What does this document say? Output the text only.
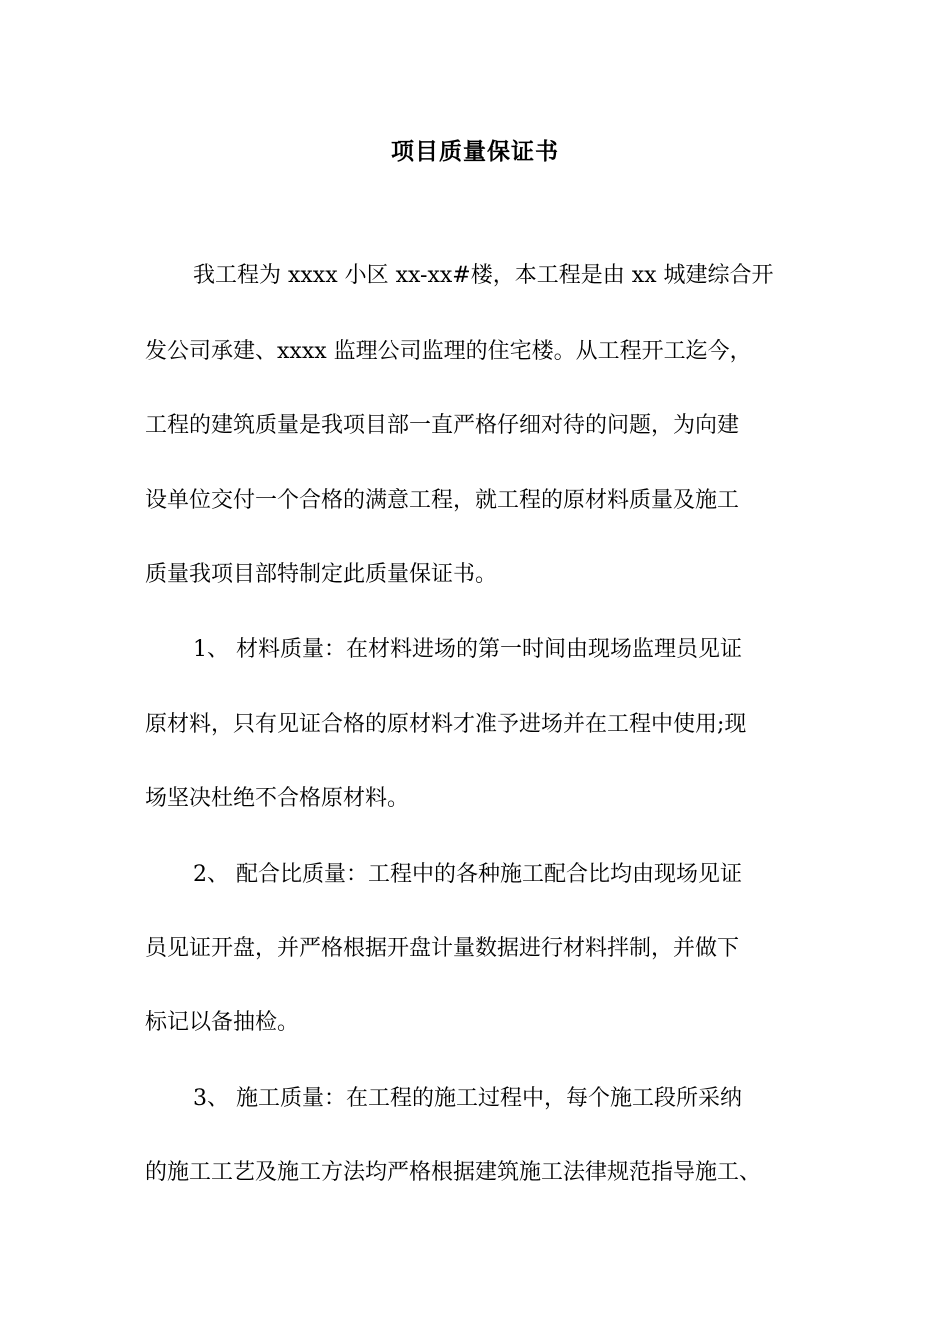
项目质量保证书
我工程为 xxxx 小区 xx-xx#楼，本工程是由 xx 城建综合开
发公司承建、xxxx 监理公司监理的住宅楼。从工程开工迄今，
工程的建筑质量是我项目部一直严格仔细对待的问题，为向建
设单位交付一个合格的满意工程，就工程的原材料质量及施工
质量我项目部特制定此质量保证书。
1、 材料质量：在材料进场的第一时间由现场监理员见证
原材料，只有见证合格的原材料才准予进场并在工程中使用;现
场坚决杜绝不合格原材料。
2、 配合比质量：工程中的各种施工配合比均由现场见证
员见证开盘，并严格根据开盘计量数据进行材料拌制，并做下
标记以备抽检。
3、 施工质量：在工程的施工过程中，每个施工段所采纳
的施工工艺及施工方法均严格根据建筑施工法律规范指导施工、
